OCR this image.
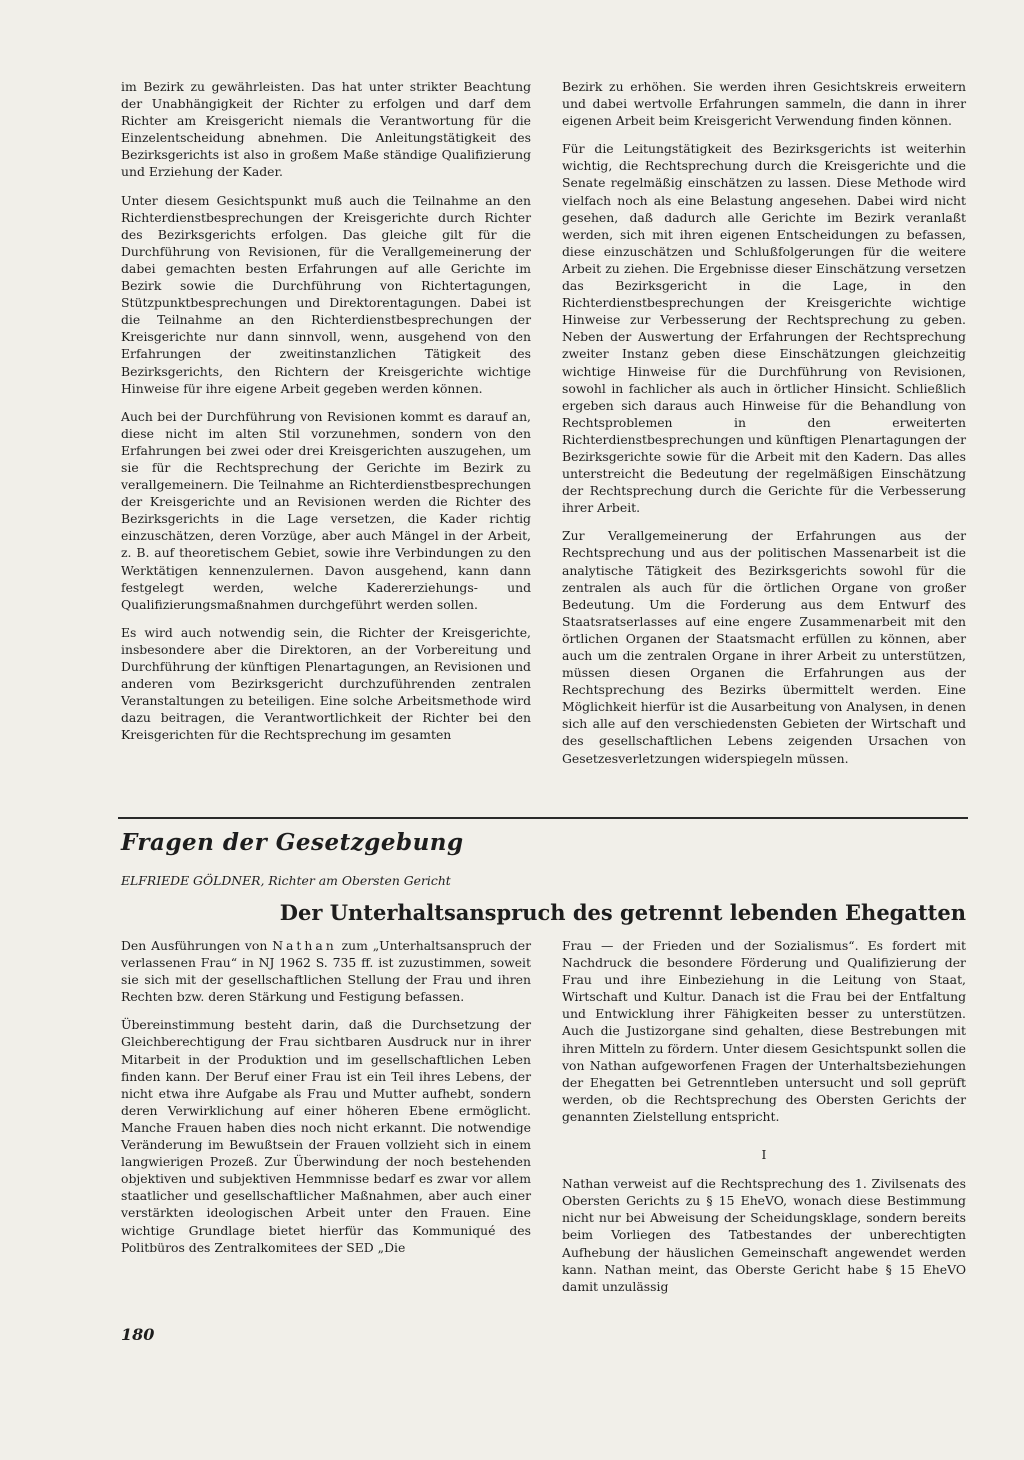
im Bezirk zu gewährleisten. Das hat unter strikter Beachtung der Unabhängigkeit der Richter zu erfolgen und darf dem Richter am Kreisgericht niemals die Verantwortung für die Einzelentscheidung abnehmen. Die Anleitungstätigkeit des Bezirksgerichts ist also in großem Maße ständige Qualifizierung und Erziehung der Kader.

Unter diesem Gesichtspunkt muß auch die Teilnahme an den Richterdienstbesprechungen der Kreisgerichte durch Richter des Bezirksgerichts erfolgen. Das gleiche gilt für die Durchführung von Revisionen, für die Verallgemeinerung der dabei gemachten besten Erfahrungen auf alle Gerichte im Bezirk sowie die Durchführung von Richtertagungen, Stützpunktbesprechungen und Direktorentagungen. Dabei ist die Teilnahme an den Richterdienstbesprechungen der Kreisgerichte nur dann sinnvoll, wenn, ausgehend von den Erfahrungen der zweitinstanzlichen Tätigkeit des Bezirksgerichts, den Richtern der Kreisgerichte wichtige Hinweise für ihre eigene Arbeit gegeben werden können.

Auch bei der Durchführung von Revisionen kommt es darauf an, diese nicht im alten Stil vorzunehmen, sondern von den Erfahrungen bei zwei oder drei Kreisgerichten auszugehen, um sie für die Rechtsprechung der Gerichte im Bezirk zu verallgemeinern. Die Teilnahme an Richterdienstbesprechungen der Kreisgerichte und an Revisionen werden die Richter des Bezirksgerichts in die Lage versetzen, die Kader richtig einzuschätzen, deren Vorzüge, aber auch Mängel in der Arbeit, z. B. auf theoretischem Gebiet, sowie ihre Verbindungen zu den Werktätigen kennenzulernen. Davon ausgehend, kann dann festgelegt werden, welche Kadererziehungs- und Qualifizierungsmaßnahmen durchgeführt werden sollen.

Es wird auch notwendig sein, die Richter der Kreisgerichte, insbesondere aber die Direktoren, an der Vorbereitung und Durchführung der künftigen Plenartagungen, an Revisionen und anderen vom Bezirksgericht durchzuführenden zentralen Veranstaltungen zu beteiligen. Eine solche Arbeitsmethode wird dazu beitragen, die Verantwortlichkeit der Richter bei den Kreisgerichten für die Rechtsprechung im gesamten

Bezirk zu erhöhen. Sie werden ihren Gesichtskreis erweitern und dabei wertvolle Erfahrungen sammeln, die dann in ihrer eigenen Arbeit beim Kreisgericht Verwendung finden können.

Für die Leitungstätigkeit des Bezirksgerichts ist weiterhin wichtig, die Rechtsprechung durch die Kreisgerichte und die Senate regelmäßig einschätzen zu lassen. Diese Methode wird vielfach noch als eine Belastung angesehen. Dabei wird nicht gesehen, daß dadurch alle Gerichte im Bezirk veranlaßt werden, sich mit ihren eigenen Entscheidungen zu befassen, diese einzuschätzen und Schlußfolgerungen für die weitere Arbeit zu ziehen. Die Ergebnisse dieser Einschätzung versetzen das Bezirksgericht in die Lage, in den Richterdienstbesprechungen der Kreisgerichte wichtige Hinweise zur Verbesserung der Rechtsprechung zu geben. Neben der Auswertung der Erfahrungen der Rechtsprechung zweiter Instanz geben diese Einschätzungen gleichzeitig wichtige Hinweise für die Durchführung von Revisionen, sowohl in fachlicher als auch in örtlicher Hinsicht. Schließlich ergeben sich daraus auch Hinweise für die Behandlung von Rechtsproblemen in den erweiterten Richterdienstbesprechungen und künftigen Plenartagungen der Bezirksgerichte sowie für die Arbeit mit den Kadern. Das alles unterstreicht die Bedeutung der regelmäßigen Einschätzung der Rechtsprechung durch die Gerichte für die Verbesserung ihrer Arbeit.

Zur Verallgemeinerung der Erfahrungen aus der Rechtsprechung und aus der politischen Massenarbeit ist die analytische Tätigkeit des Bezirksgerichts sowohl für die zentralen als auch für die örtlichen Organe von großer Bedeutung. Um die Forderung aus dem Entwurf des Staatsratserlasses auf eine engere Zusammenarbeit mit den örtlichen Organen der Staatsmacht erfüllen zu können, aber auch um die zentralen Organe in ihrer Arbeit zu unterstützen, müssen diesen Organen die Erfahrungen aus der Rechtsprechung des Bezirks übermittelt werden. Eine Möglichkeit hierfür ist die Ausarbeitung von Analysen, in denen sich alle auf den verschiedensten Gebieten der Wirtschaft und des gesellschaftlichen Lebens zeigenden Ursachen von Gesetzesverletzungen widerspiegeln müssen.

Fragen der Gesetzgebung
ELFRIEDE GÖLDNER, Richter am Obersten Gericht
Der Unterhaltsanspruch des getrennt lebenden Ehegatten

Den Ausführungen von Nathan zum „Unterhaltsanspruch der verlassenen Frau“ in NJ 1962 S. 735 ff. ist zuzustimmen, soweit sie sich mit der gesellschaftlichen Stellung der Frau und ihren Rechten bzw. deren Stärkung und Festigung befassen.

Übereinstimmung besteht darin, daß die Durchsetzung der Gleichberechtigung der Frau sichtbaren Ausdruck nur in ihrer Mitarbeit in der Produktion und im gesellschaftlichen Leben finden kann. Der Beruf einer Frau ist ein Teil ihres Lebens, der nicht etwa ihre Aufgabe als Frau und Mutter aufhebt, sondern deren Verwirklichung auf einer höheren Ebene ermöglicht. Manche Frauen haben dies noch nicht erkannt. Die notwendige Veränderung im Bewußtsein der Frauen vollzieht sich in einem langwierigen Prozeß. Zur Überwindung der noch bestehenden objektiven und subjektiven Hemmnisse bedarf es zwar vor allem staatlicher und gesellschaftlicher Maßnahmen, aber auch einer verstärkten ideologischen Arbeit unter den Frauen. Eine wichtige Grundlage bietet hierfür das Kommuniqué des Politbüros des Zentralkomitees der SED „Die

Frau — der Frieden und der Sozialismus“. Es fordert mit Nachdruck die besondere Förderung und Qualifizierung der Frau und ihre Einbeziehung in die Leitung von Staat, Wirtschaft und Kultur. Danach ist die Frau bei der Entfaltung und Entwicklung ihrer Fähigkeiten besser zu unterstützen. Auch die Justizorgane sind gehalten, diese Bestrebungen mit ihren Mitteln zu fördern. Unter diesem Gesichtspunkt sollen die von Nathan aufgeworfenen Fragen der Unterhaltsbeziehungen der Ehegatten bei Getrenntleben untersucht und soll geprüft werden, ob die Rechtsprechung des Obersten Gerichts der genannten Zielstellung entspricht.

I

Nathan verweist auf die Rechtsprechung des 1. Zivilsenats des Obersten Gerichts zu § 15 EheVO, wonach diese Bestimmung nicht nur bei Abweisung der Scheidungsklage, sondern bereits beim Vorliegen des Tatbestandes der unberechtigten Aufhebung der häuslichen Gemeinschaft angewendet werden kann. Nathan meint, das Oberste Gericht habe § 15 EheVO damit unzulässig

180
